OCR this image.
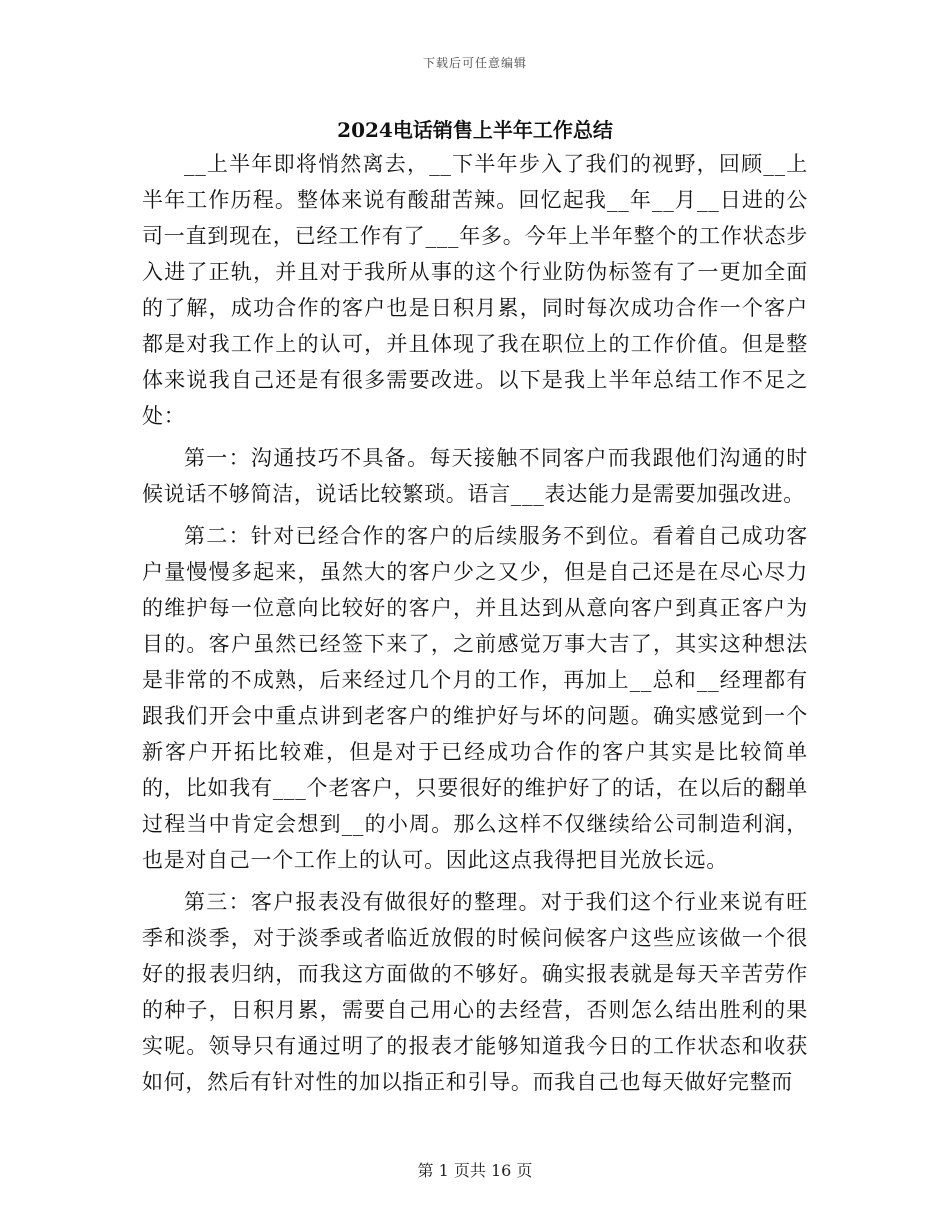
下载后可任意编辑
2024电话销售上半年工作总结

__上半年即将悄然离去，__下半年步入了我们的视野，回顾__上半年工作历程。整体来说有酸甜苦辣。回忆起我__年__月__日进的公司一直到现在，已经工作有了___年多。今年上半年整个的工作状态步入进了正轨，并且对于我所从事的这个行业防伪标签有了一更加全面的了解，成功合作的客户也是日积月累，同时每次成功合作一个客户都是对我工作上的认可，并且体现了我在职位上的工作价值。但是整体来说我自己还是有很多需要改进。以下是我上半年总结工作不足之处：

第一：沟通技巧不具备。每天接触不同客户而我跟他们沟通的时候说话不够简洁，说话比较繁琐。语言___表达能力是需要加强改进。

第二：针对已经合作的客户的后续服务不到位。看着自己成功客户量慢慢多起来，虽然大的客户少之又少，但是自己还是在尽心尽力的维护每一位意向比较好的客户，并且达到从意向客户到真正客户为目的。客户虽然已经签下来了，之前感觉万事大吉了，其实这种想法是非常的不成熟，后来经过几个月的工作，再加上__总和__经理都有跟我们开会中重点讲到老客户的维护好与坏的问题。确实感觉到一个新客户开拓比较难，但是对于已经成功合作的客户其实是比较简单的，比如我有___个老客户，只要很好的维护好了的话，在以后的翻单过程当中肯定会想到__的小周。那么这样不仅继续给公司制造利润，也是对自己一个工作上的认可。因此这点我得把目光放长远。

第三：客户报表没有做很好的整理。对于我们这个行业来说有旺季和淡季，对于淡季或者临近放假的时候问候客户这些应该做一个很好的报表归纳，而我这方面做的不够好。确实报表就是每天辛苦劳作的种子，日积月累，需要自己用心的去经营，否则怎么结出胜利的果实呢。领导只有通过明了的报表才能够知道我今日的工作状态和收获如何，然后有针对性的加以指正和引导。而我自己也每天做好完整而

第 1 页共 16 页
